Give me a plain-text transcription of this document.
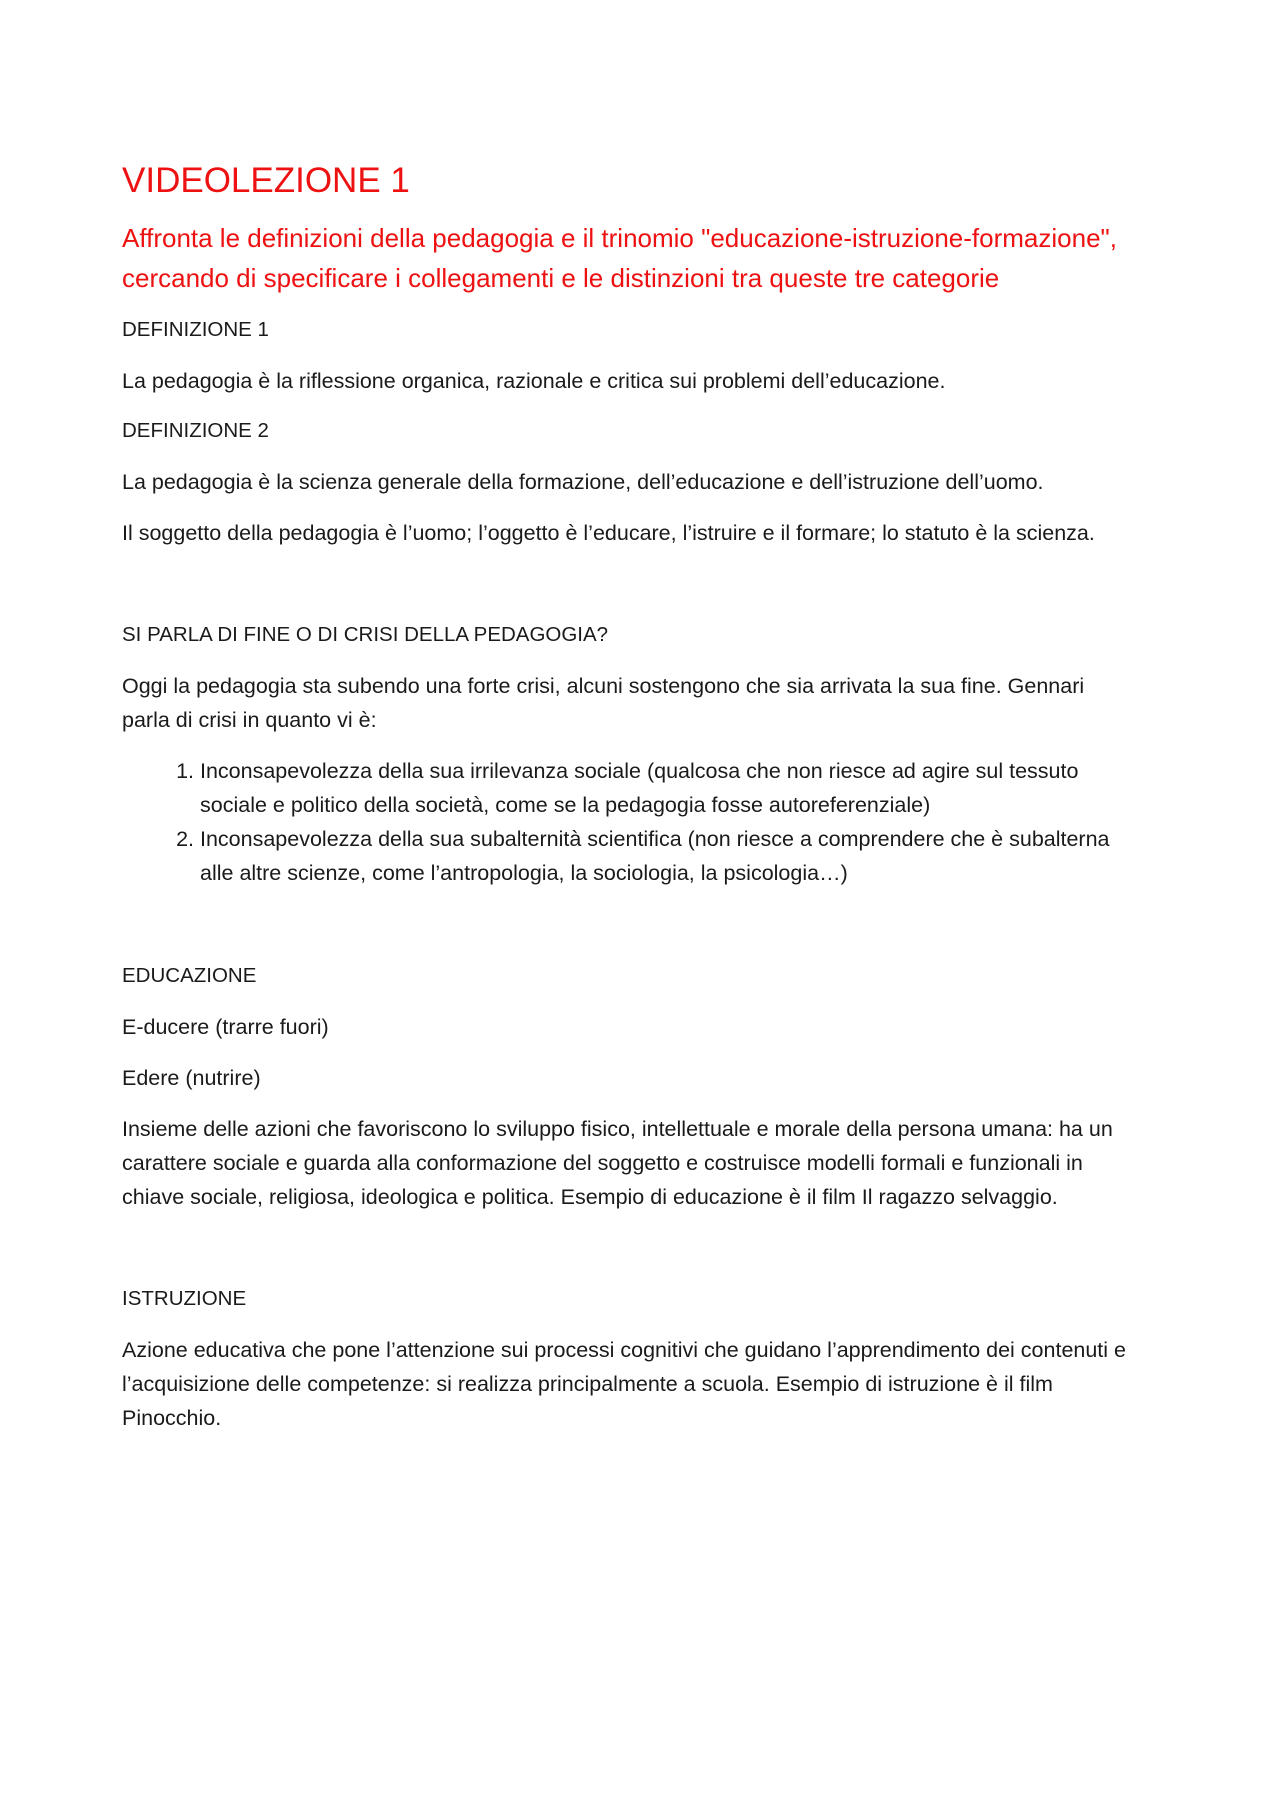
VIDEOLEZIONE 1
Affronta le definizioni della pedagogia e il trinomio "educazione-istruzione-formazione", cercando di specificare i collegamenti e le distinzioni tra queste tre categorie
DEFINIZIONE 1
La pedagogia è la riflessione organica, razionale e critica sui problemi dell’educazione.
DEFINIZIONE 2
La pedagogia è la scienza generale della formazione, dell’educazione e dell’istruzione dell’uomo.
Il soggetto della pedagogia è l’uomo; l’oggetto è l’educare, l’istruire e il formare; lo statuto è la scienza.
SI PARLA DI FINE O DI CRISI DELLA PEDAGOGIA?
Oggi la pedagogia sta subendo una forte crisi, alcuni sostengono che sia arrivata la sua fine. Gennari parla di crisi in quanto vi è:
1. Inconsapevolezza della sua irrilevanza sociale (qualcosa che non riesce ad agire sul tessuto sociale e politico della società, come se la pedagogia fosse autoreferenziale)
2. Inconsapevolezza della sua subalternità scientifica (non riesce a comprendere che è subalterna alle altre scienze, come l’antropologia, la sociologia, la psicologia…)
EDUCAZIONE
E-ducere (trarre fuori)
Edere (nutrire)
Insieme delle azioni che favoriscono lo sviluppo fisico, intellettuale e morale della persona umana: ha un carattere sociale e guarda alla conformazione del soggetto e costruisce modelli formali e funzionali in chiave sociale, religiosa, ideologica e politica. Esempio di educazione è il film Il ragazzo selvaggio.
ISTRUZIONE
Azione educativa che pone l’attenzione sui processi cognitivi che guidano l’apprendimento dei contenuti e l’acquisizione delle competenze: si realizza principalmente a scuola. Esempio di istruzione è il film Pinocchio.
